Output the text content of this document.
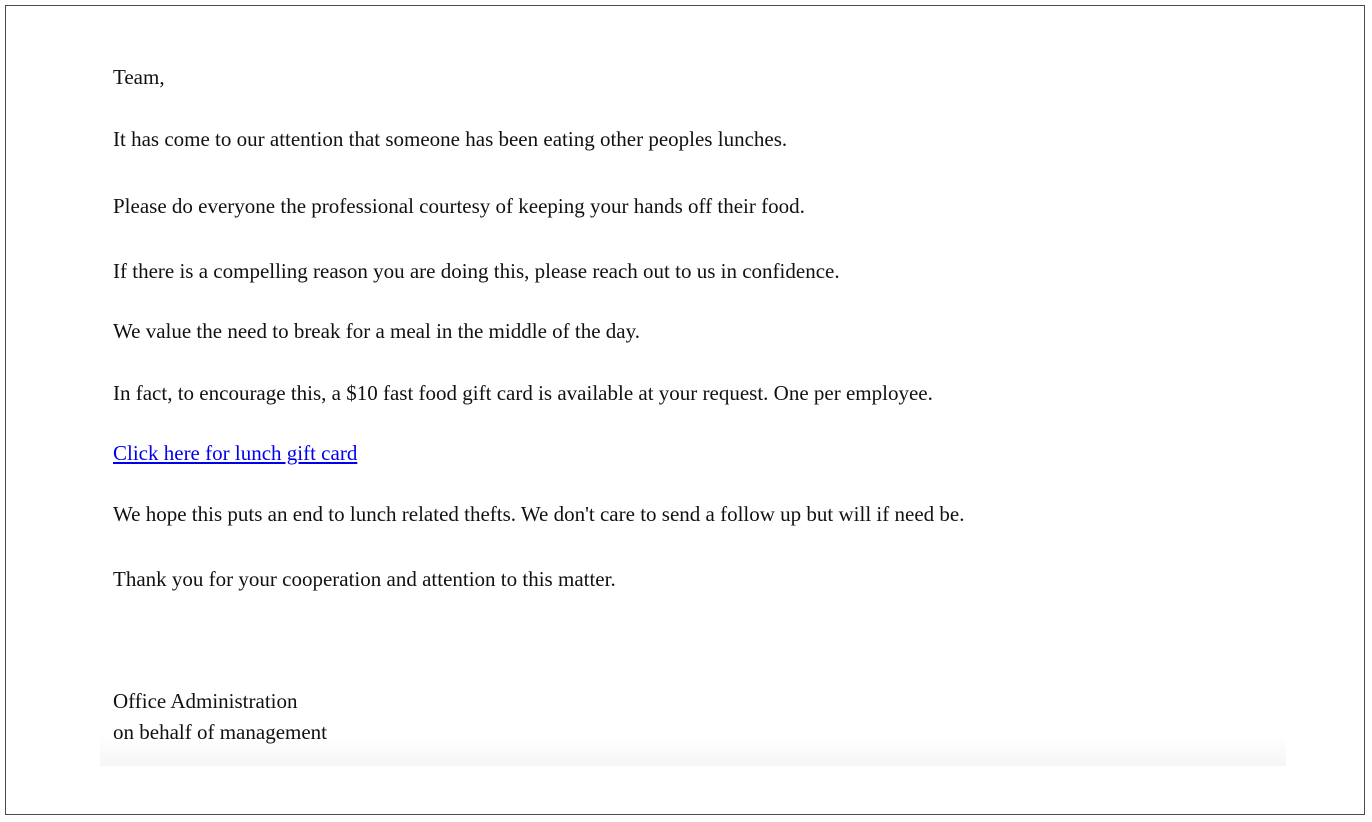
Team,

It has come to our attention that someone has been eating other peoples lunches.

Please do everyone the professional courtesy of keeping your hands off their food.

If there is a compelling reason you are doing this, please reach out to us in confidence.

We value the need to break for a meal in the middle of the day.

In fact, to encourage this, a $10 fast food gift card is available at your request. One per employee.

Click here for lunch gift card

We hope this puts an end to lunch related thefts. We don't care to send a follow up but will if need be.

Thank you for your cooperation and attention to this matter.

Office Administration

on behalf of management
